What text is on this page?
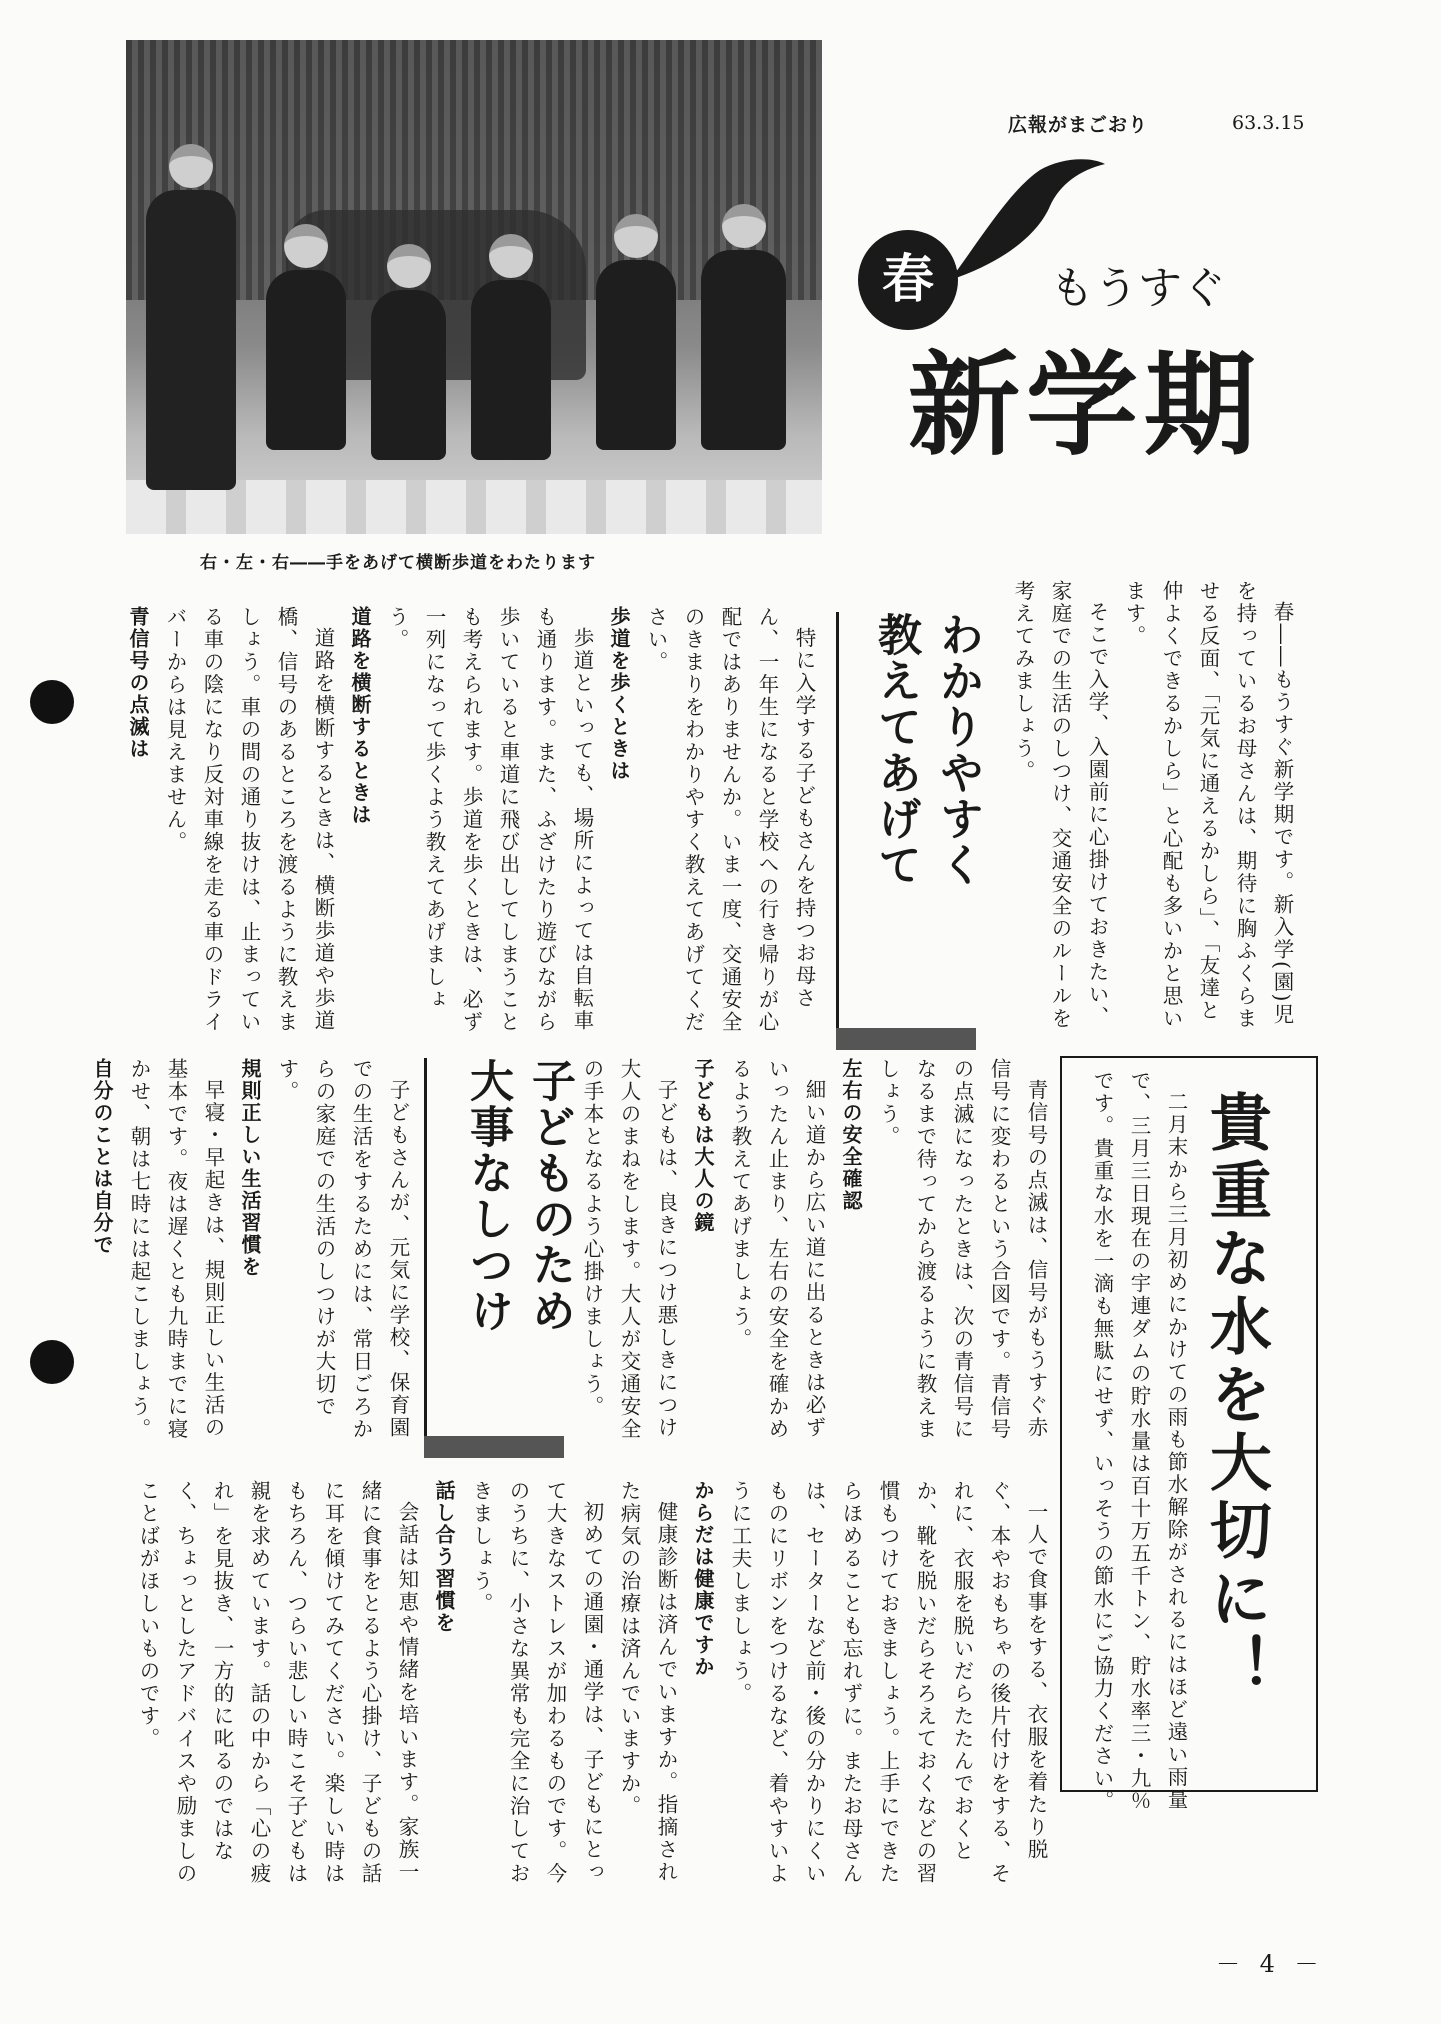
右・左・右――手をあげて横断歩道をわたります
広報がまごおり	63.3.15
春	もうすぐ
新学期

春――もうすぐ新学期です。新入学(園)児を持っているお母さんは、期待に胸ふくらませる反面、「元気に通えるかしら」、「友達と仲よくできるかしら」と心配も多いかと思います。

そこで入学、入園前に心掛けておきたい、家庭での生活のしつけ、交通安全のルールを考えてみましょう。

わかりやすく
教えてあげて

特に入学する子どもさんを持つお母さん、一年生になると学校への行き帰りが心配ではありませんか。いま一度、交通安全のきまりをわかりやすく教えてあげてください。

歩道を歩くときは

歩道といっても、場所によっては自転車も通ります。また、ふざけたり遊びながら歩いていると車道に飛び出してしまうことも考えられます。歩道を歩くときは、必ず一列になって歩くよう教えてあげましょう。

道路を横断するときは

道路を横断するときは、横断歩道や歩道橋、信号のあるところを渡るように教えましょう。車の間の通り抜けは、止まっている車の陰になり反対車線を走る車のドライバーからは見えません。

青信号の点滅は
子どものため
大事なしつけ	青信号の点滅は、信号がもうすぐ赤信号に変わるという合図です。青信号の点滅になったときは、次の青信号になるまで待ってから渡るように教えましょう。

左右の安全確認

細い道から広い道に出るときは必ずいったん止まり、左右の安全を確かめるよう教えてあげましょう。

子どもは大人の鏡

子どもは、良きにつけ悪しきにつけ大人のまねをします。大人が交通安全の手本となるよう心掛けましょう。

子どもさんが、元気に学校、保育園での生活をするためには、常日ごろからの家庭での生活のしつけが大切です。

規則正しい生活習慣を

早寝・早起きは、規則正しい生活の基本です。夜は遅くとも九時までに寝かせ、朝は七時には起こしましょう。

自分のことは自分で	貴重な水を大切に！

二月末から三月初めにかけての雨も節水解除がされるにはほど遠い雨量で、三月三日現在の宇連ダムの貯水量は百十万五千トン、貯水率三・九％です。貴重な水を一滴も無駄にせず、いっそうの節水にご協力ください。

一人で食事をする、衣服を着たり脱ぐ、本やおもちゃの後片付けをする、それに、衣服を脱いだらたたんでおくとか、靴を脱いだらそろえておくなどの習慣もつけておきましょう。上手にできたらほめることも忘れずに。またお母さんは、セーターなど前・後の分かりにくいものにリボンをつけるなど、着やすいように工夫しましょう。

からだは健康ですか

健康診断は済んでいますか。指摘された病気の治療は済んでいますか。

初めての通園・通学は、子どもにとって大きなストレスが加わるものです。今のうちに、小さな異常も完全に治しておきましょう。

話し合う習慣を

会話は知恵や情緒を培います。家族一緒に食事をとるよう心掛け、子どもの話に耳を傾けてみてください。楽しい時はもちろん、つらい悲しい時こそ子どもは親を求めています。話の中から「心の疲れ」を見抜き、一方的に叱るのではなく、ちょっとしたアドバイスや励ましのことばがほしいものです。

－ 4 －
